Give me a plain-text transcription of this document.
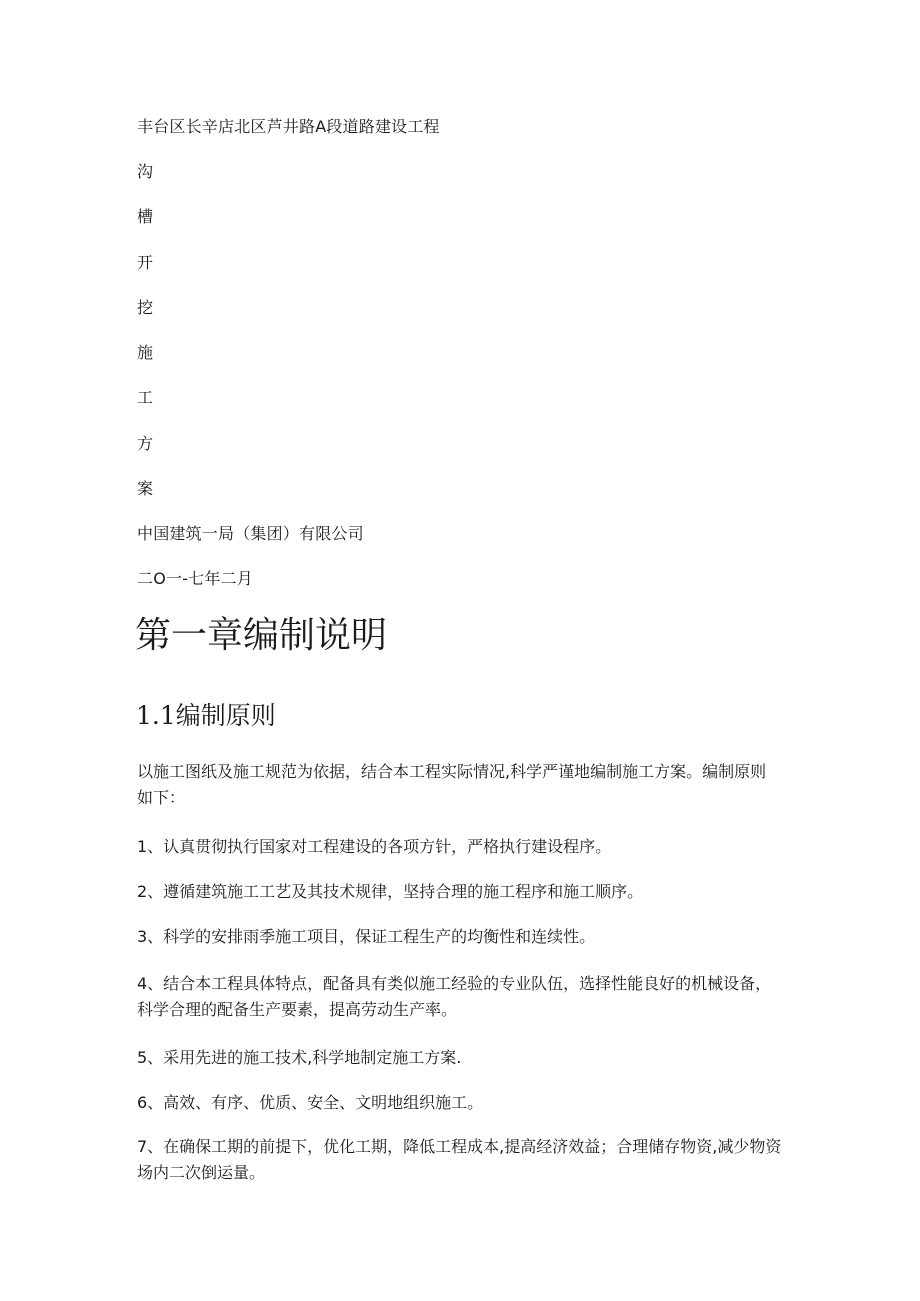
丰台区长辛店北区芦井路A段道路建设工程
沟
槽
开
挖
施
工
方
案
中国建筑一局（集团）有限公司
二O一-七年二月
第一章编制说明
1.1编制原则

以施工图纸及施工规范为依据，结合本工程实际情况,科学严谨地编制施工方案。编制原则如下：

1、认真贯彻执行国家对工程建设的各项方针，严格执行建设程序。

2、遵循建筑施工工艺及其技术规律，坚持合理的施工程序和施工顺序。

3、科学的安排雨季施工项目，保证工程生产的均衡性和连续性。

4、结合本工程具体特点，配备具有类似施工经验的专业队伍，选择性能良好的机械设备，科学合理的配备生产要素，提高劳动生产率。

5、采用先进的施工技术,科学地制定施工方案.

6、高效、有序、优质、安全、文明地组织施工。

7、在确保工期的前提下，优化工期，降低工程成本,提高经济效益；合理储存物资,减少物资场内二次倒运量。
